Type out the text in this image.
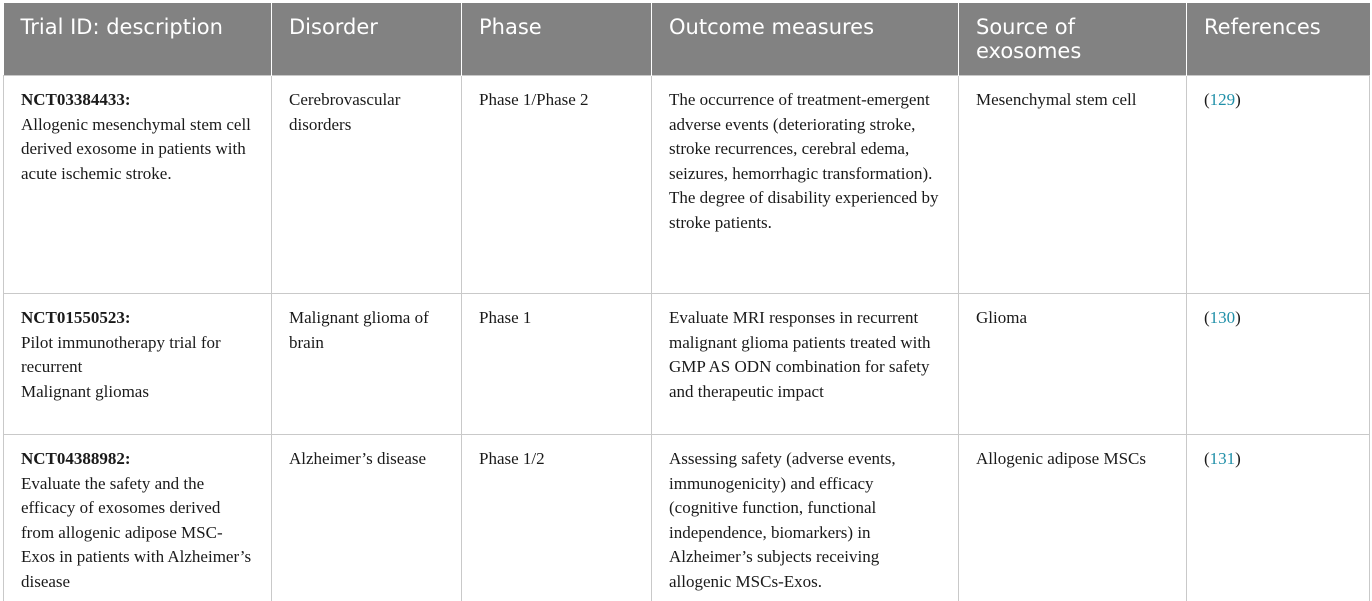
Trial ID: description	Disorder	Phase	Outcome measures	Source of exosomes	References

NCT03384433:
Allogenic mesenchymal stem cell derived exosome in patients with acute ischemic stroke.	Cerebrovascular disorders	Phase 1/Phase 2	The occurrence of treatment-emergent adverse events (deteriorating stroke, stroke recurrences, cerebral edema, seizures, hemorrhagic transformation).
The degree of disability experienced by stroke patients.	Mesenchymal stem cell	(129)

NCT01550523:
Pilot immunotherapy trial for recurrent
Malignant gliomas	Malignant glioma of brain	Phase 1	Evaluate MRI responses in recurrent malignant glioma patients treated with GMP AS ODN combination for safety and therapeutic impact	Glioma	(130)

NCT04388982:
Evaluate the safety and the efficacy of exosomes derived from allogenic adipose MSC-Exos in patients with Alzheimer’s disease	Alzheimer’s disease	Phase 1/2	Assessing safety (adverse events, immunogenicity) and efficacy (cognitive function, functional independence, biomarkers) in Alzheimer’s subjects receiving allogenic MSCs-Exos.	Allogenic adipose MSCs	(131)
